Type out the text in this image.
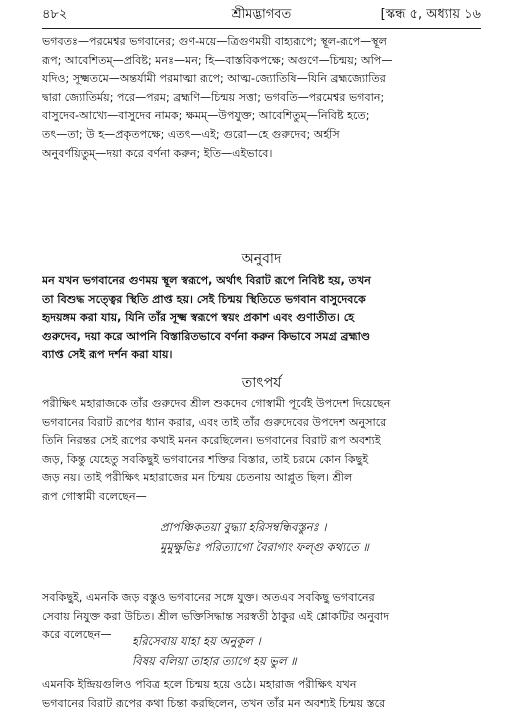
৪৮২	শ্রীমদ্ভাগবত	[স্কন্ধ ৫, অধ্যায় ১৬
ভগবতঃ—পরমেশ্বর ভগবানের; গুণ-ময়ে—ত্রিগুণময়ী বাহ্যরূপে; স্থূল-রূপে—স্থূল
রূপ; আবেশিতম্—প্রবিষ্ট; মনঃ—মন; হি—বাস্তবিকপক্ষে; অগুণে—চিন্ময়; অপি—
যদিও; সূক্ষ্মতমে—অন্তর্যামী পরমাত্মা রূপে; আত্ম-জ্যোতিষি—যিনি ব্রহ্মজ্যোতির
দ্বারা জ্যোতির্ময়; পরে—পরম; ব্রহ্মণি—চিন্ময় সত্তা; ভগবতি—পরমেশ্বর ভগবান;
বাসুদেব-আখ্যে—বাসুদেব নামক; ক্ষমম্—উপযুক্ত; আবেশিতুম্—নিবিষ্ট হতে;
তৎ—তা; উ হ—প্রকৃতপক্ষে; এতৎ—এই; গুরো—হে গুরুদেব; অর্হসি
অনুবর্ণয়িতুম্—দয়া করে বর্ণনা করুন; ইতি—এইভাবে।
অনুবাদ
মন যখন ভগবানের গুণময় স্থূল স্বরূপে, অর্থাৎ বিরাট রূপে নিবিষ্ট হয়, তখন
তা বিশুদ্ধ সত্ত্বের স্থিতি প্রাপ্ত হয়। সেই চিন্ময় স্থিতিতে ভগবান বাসুদেবকে
হৃদয়ঙ্গম করা যায়, যিনি তাঁর সূক্ষ্ম স্বরূপে স্বয়ং প্রকাশ এবং গুণাতীত। হে
গুরুদেব, দয়া করে আপনি বিস্তারিতভাবে বর্ণনা করুন কিভাবে সমগ্র ব্রহ্মাণ্ড
ব্যাপ্ত সেই রূপ দর্শন করা যায়।
তাৎপর্য
পরীক্ষিৎ মহারাজকে তাঁর গুরুদেব শ্রীল শুকদেব গোস্বামী পূর্বেই উপদেশ দিয়েছেন
ভগবানের বিরাট রূপের ধ্যান করার, এবং তাই তাঁর গুরুদেবের উপদেশ অনুসারে
তিনি নিরন্তর সেই রূপের কথাই মনন করেছিলেন। ভগবানের বিরাট রূপ অবশ্যই
জড়, কিন্তু যেহেতু সবকিছুই ভগবানের শক্তির বিস্তার, তাই চরমে কোন কিছুই
জড় নয়। তাই পরীক্ষিৎ মহারাজের মন চিন্ময় চেতনায় আপ্লুত ছিল। শ্রীল
রূপ গোস্বামী বলেছেন—
প্রাপঞ্চিকতয়া বুদ্ধ্যা হরিসম্বন্ধিবস্তুনঃ ।
মুমুক্ষুভিঃ পরিত্যাগো বৈরাগ্যং ফল্গু কথ্যতে ॥
সবকিছুই, এমনকি জড় বস্তুও ভগবানের সঙ্গে যুক্ত। অতএব সবকিছু ভগবানের
সেবায় নিযুক্ত করা উচিত। শ্রীল ভক্তিসিদ্ধান্ত সরস্বতী ঠাকুর এই শ্লোকটির অনুবাদ
করে বলেছেন—	হরিসেবায় যাহা হয় অনুকূল ।
বিষয় বলিয়া তাহার ত্যাগে হয় ভুল ॥
এমনকি ইন্দ্রিয়গুলিও পবিত্র হলে চিন্ময় হয়ে ওঠে। মহারাজ পরীক্ষিৎ যখন
ভগবানের বিরাট রূপের কথা চিন্তা করছিলেন, তখন তাঁর মন অবশ্যই চিন্ময় স্তরে
